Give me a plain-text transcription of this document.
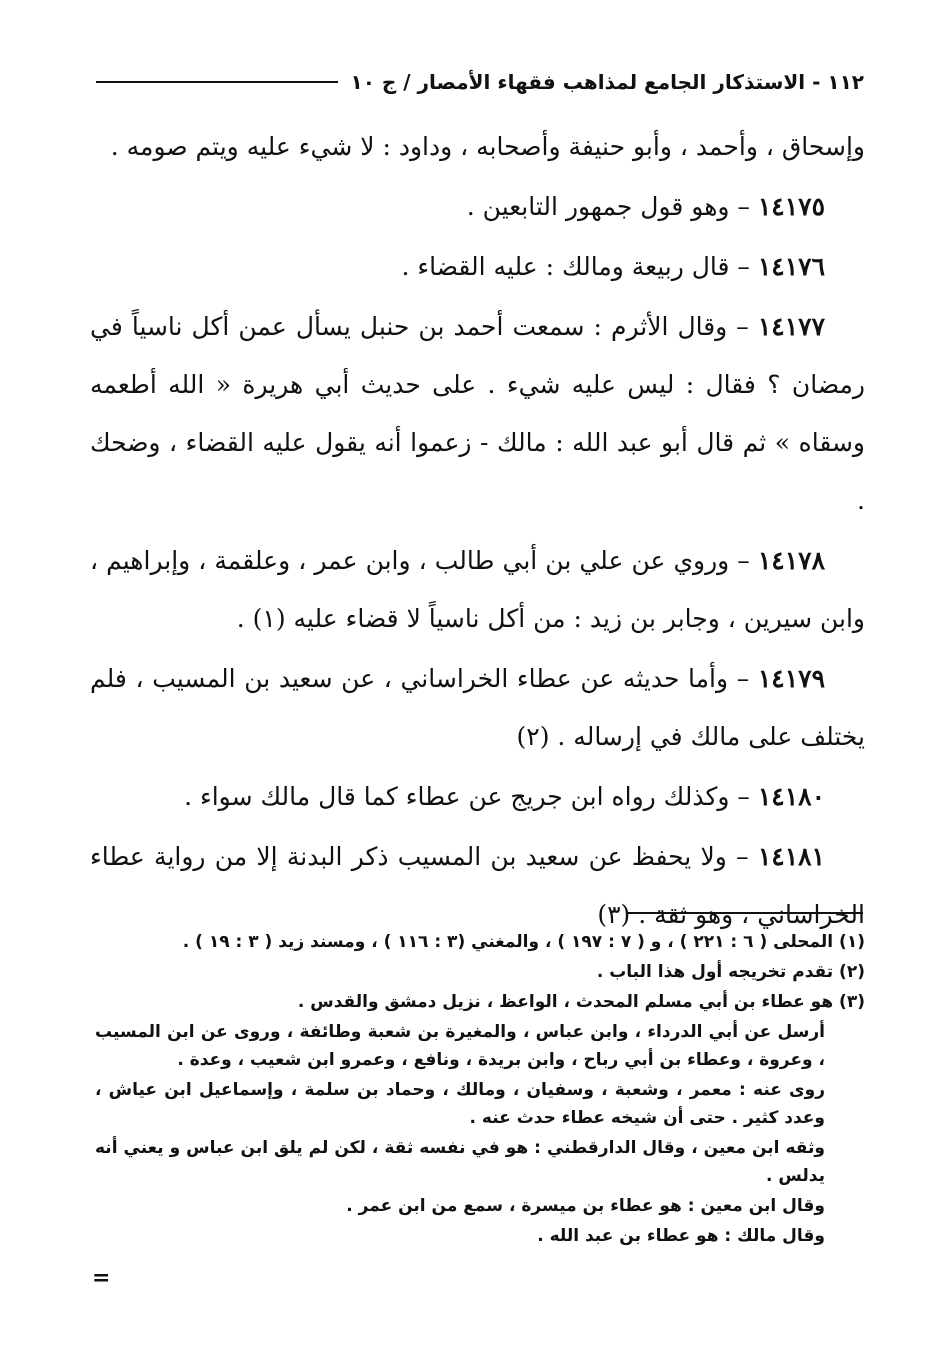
١١٢ - الاستذكار الجامع لمذاهب فقهاء الأمصار / ج ١٠

وإسحاق ، وأحمد ، وأبو حنيفة وأصحابه ، وداود : لا شيء عليه ويتم صومه .

١٤١٧٥ – وهو قول جمهور التابعين .

١٤١٧٦ – قال ربيعة ومالك : عليه القضاء .

١٤١٧٧ – وقال الأثرم : سمعت أحمد بن حنبل يسأل عمن أكل ناسياً في رمضان ؟ فقال : ليس عليه شيء . على حديث أبي هريرة « الله أطعمه وسقاه » ثم قال أبو عبد الله : مالك - زعموا أنه يقول عليه القضاء ، وضحك .

١٤١٧٨ – وروي عن علي بن أبي طالب ، وابن عمر ، وعلقمة ، وإبراهيم ، وابن سيرين ، وجابر بن زيد : من أكل ناسياً لا قضاء عليه (١) .

١٤١٧٩ – وأما حديثه عن عطاء الخراساني ، عن سعيد بن المسيب ، فلم يختلف على مالك في إرساله . (٢)

١٤١٨٠ – وكذلك رواه ابن جريج عن عطاء كما قال مالك سواء .

١٤١٨١ – ولا يحفظ عن سعيد بن المسيب ذكر البدنة إلا من رواية عطاء الخراساني ، وهو ثقة . (٣)

(١) المحلى ( ٦ : ٢٢١ ) ، و ( ٧ : ١٩٧ ) ، والمغني (٣ : ١١٦ ) ، ومسند زيد ( ٣ : ١٩ ) .

(٢) تقدم تخريجه أول هذا الباب .

(٣) هو عطاء بن أبي مسلم المحدث ، الواعظ ، نزيل دمشق والقدس .

أرسل عن أبي الدرداء ، وابن عباس ، والمغيرة بن شعبة وطائفة ، وروى عن ابن المسيب ، وعروة ، وعطاء بن أبي رباح ، وابن بريدة ، ونافع ، وعمرو ابن شعيب ، وعدة .

روى عنه : معمر ، وشعبة ، وسفيان ، ومالك ، وحماد بن سلمة ، وإسماعيل ابن عياش ، وعدد كثير . حتى أن شيخه عطاء حدث عنه .

وثقه ابن معين ، وقال الدارقطني : هو في نفسه ثقة ، لكن لم يلق ابن عباس و يعني أنه يدلس .

وقال ابن معين : هو عطاء بن ميسرة ، سمع من ابن عمر .

وقال مالك : هو عطاء بن عبد الله .

=
